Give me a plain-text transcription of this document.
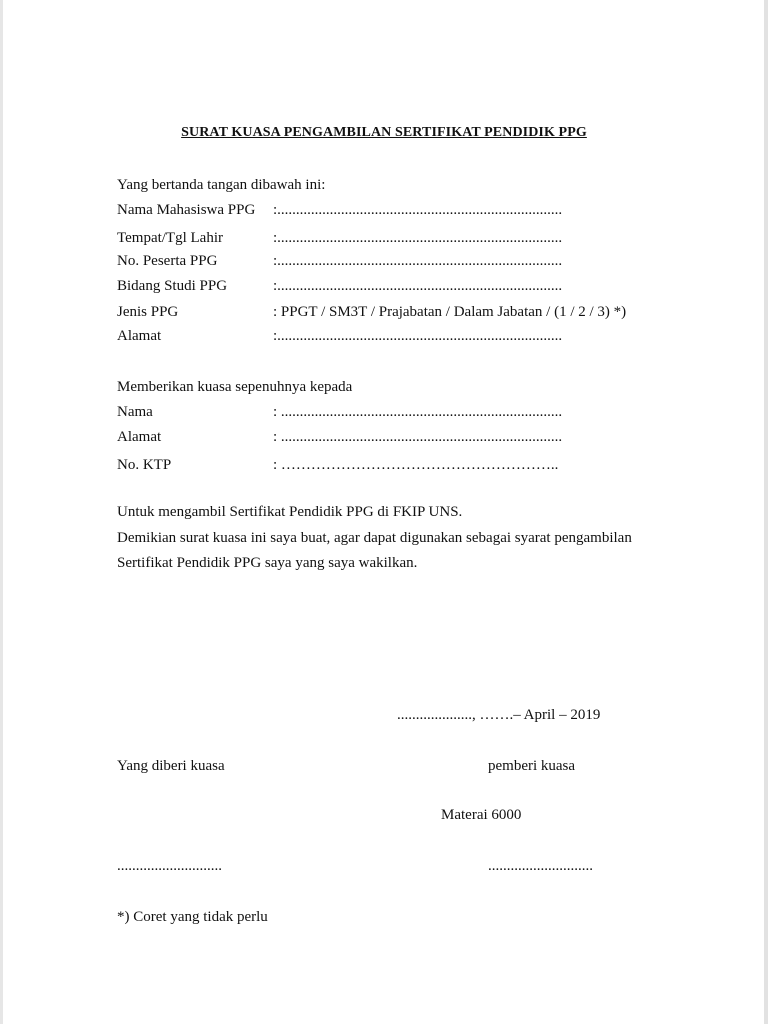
SURAT KUASA PENGAMBILAN SERTIFIKAT PENDIDIK PPG
Yang bertanda tangan dibawah ini:
Nama Mahasiswa PPG :............................................................................
Tempat/Tgl Lahir	:............................................................................
No. Peserta PPG	:............................................................................
Bidang Studi PPG	:............................................................................
Jenis PPG	: PPGT / SM3T / Prajabatan / Dalam Jabatan / (1 / 2 / 3) *)
Alamat	:............................................................................
Memberikan kuasa sepenuhnya kepada
Nama	: ...........................................................................
Alamat	: ...........................................................................
No. KTP	: ………………………………………………..
Untuk mengambil Sertifikat Pendidik PPG di FKIP UNS.
Demikian surat kuasa ini saya buat, agar dapat digunakan sebagai syarat pengambilan
Sertifikat Pendidik PPG saya yang saya wakilkan.
...................., …….– April – 2019
Yang diberi kuasa	pemberi kuasa
Materai 6000
............................	............................
*) Coret yang tidak perlu
